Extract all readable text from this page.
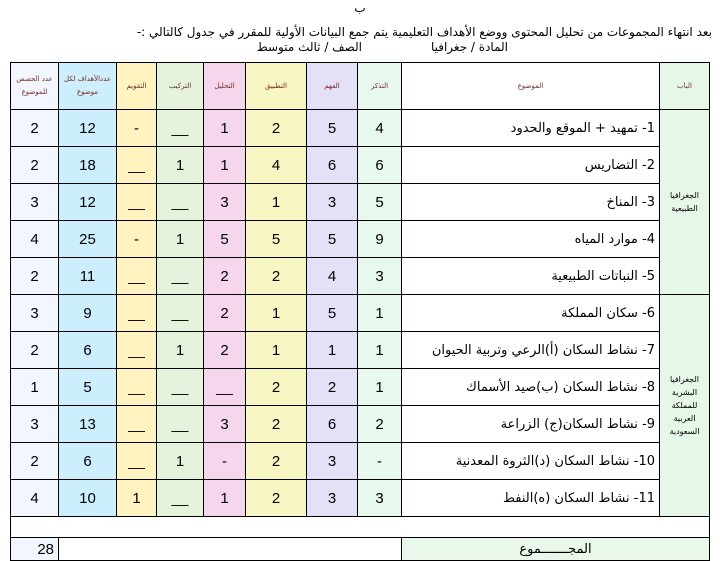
ب
بعد انتهاء المجموعات من تحليل المحتوى ووضع الأهداف التعليمية يتم جمع البيانات الأولية للمقرر في جدول كالتالي :-
المادة / جغرافيا
الصف / ثالث متوسط
عدد الحصص للموضوع	عددالأهداف لكل موضوع	التقويم	التركيب	التحليل	التطبيق	الفهم	التذكر	الموضوع	الباب
2	12	-	__	1	2	5	4	1- تمهيد + الموقع والحدود	الجغرافيا
الطبيعية

2	18	__	1	1	4	6	6	2- التضاريس	
3	12	__	__	3	1	3	5	3- المناخ	
4	25	-	1	5	5	5	9	4- موارد المياه	
2	11	__	__	2	2	4	3	5- النباتات الطبيعية	
3	9	__	__	2	1	5	1	6- سكان المملكة	الجغرافيا
البشرية
للمملكة
العربية
السعودية

2	6	__	1	2	1	1	1	7- نشاط السكان (أ)الرعي وتربية الحيوان	
1	5	__	__	__	2	2	1	8- نشاط السكان (ب)صيد الأسماك	
3	13	__	__	3	2	6	2	9- نشاط السكان(ج) الزراعة	
2	6	__	1	-	2	3	-	10- نشاط السكان (د)الثروة المعدنية	
4	10	1	__	1	2	3	3	11- نشاط السكان (ه)النفط	

28								المجـــــــموع	
